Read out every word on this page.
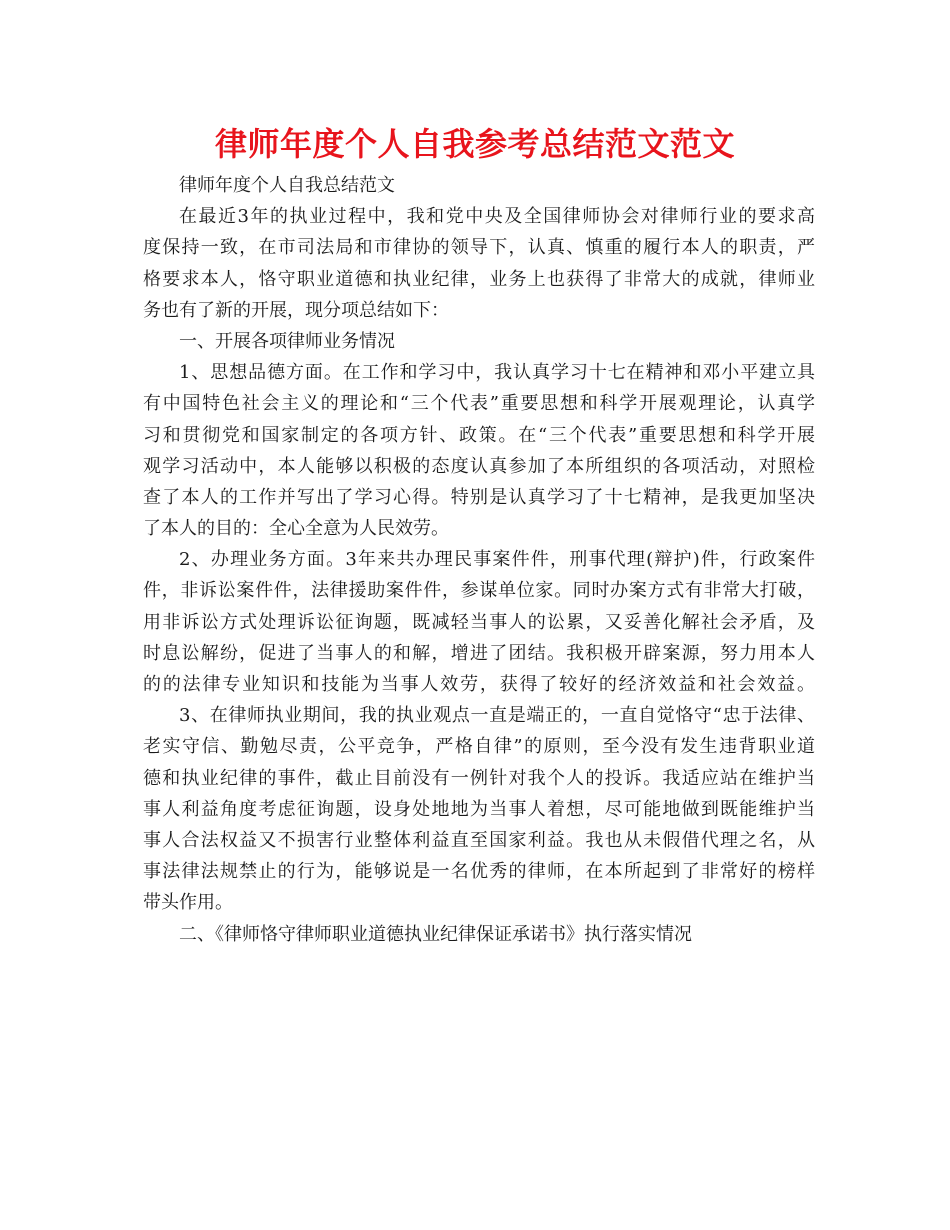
律师年度个人自我参考总结范文范文
律师年度个人自我总结范文
在最近3年的执业过程中，我和党中央及全国律师协会对律师行业的要求高
度保持一致，在市司法局和市律协的领导下，认真、慎重的履行本人的职责，严
格要求本人，恪守职业道德和执业纪律，业务上也获得了非常大的成就，律师业
务也有了新的开展，现分项总结如下：
一、开展各项律师业务情况
1、思想品德方面。在工作和学习中，我认真学习十七在精神和邓小平建立具
有中国特色社会主义的理论和“三个代表”重要思想和科学开展观理论，认真学
习和贯彻党和国家制定的各项方针、政策。在“三个代表”重要思想和科学开展
观学习活动中，本人能够以积极的态度认真参加了本所组织的各项活动，对照检
查了本人的工作并写出了学习心得。特别是认真学习了十七精神，是我更加坚决
了本人的目的：全心全意为人民效劳。
2、办理业务方面。3年来共办理民事案件件，刑事代理(辩护)件，行政案件
件，非诉讼案件件，法律援助案件件，参谋单位家。同时办案方式有非常大打破，
用非诉讼方式处理诉讼征询题，既减轻当事人的讼累，又妥善化解社会矛盾，及
时息讼解纷，促进了当事人的和解，增进了团结。我积极开辟案源，努力用本人
的的法律专业知识和技能为当事人效劳，获得了较好的经济效益和社会效益。
3、在律师执业期间，我的执业观点一直是端正的，一直自觉恪守“忠于法律、
老实守信、勤勉尽责，公平竞争，严格自律”的原则，至今没有发生违背职业道
德和执业纪律的事件，截止目前没有一例针对我个人的投诉。我适应站在维护当
事人利益角度考虑征询题，设身处地地为当事人着想，尽可能地做到既能维护当
事人合法权益又不损害行业整体利益直至国家利益。我也从未假借代理之名，从
事法律法规禁止的行为，能够说是一名优秀的律师，在本所起到了非常好的榜样
带头作用。
二、《律师恪守律师职业道德执业纪律保证承诺书》执行落实情况
